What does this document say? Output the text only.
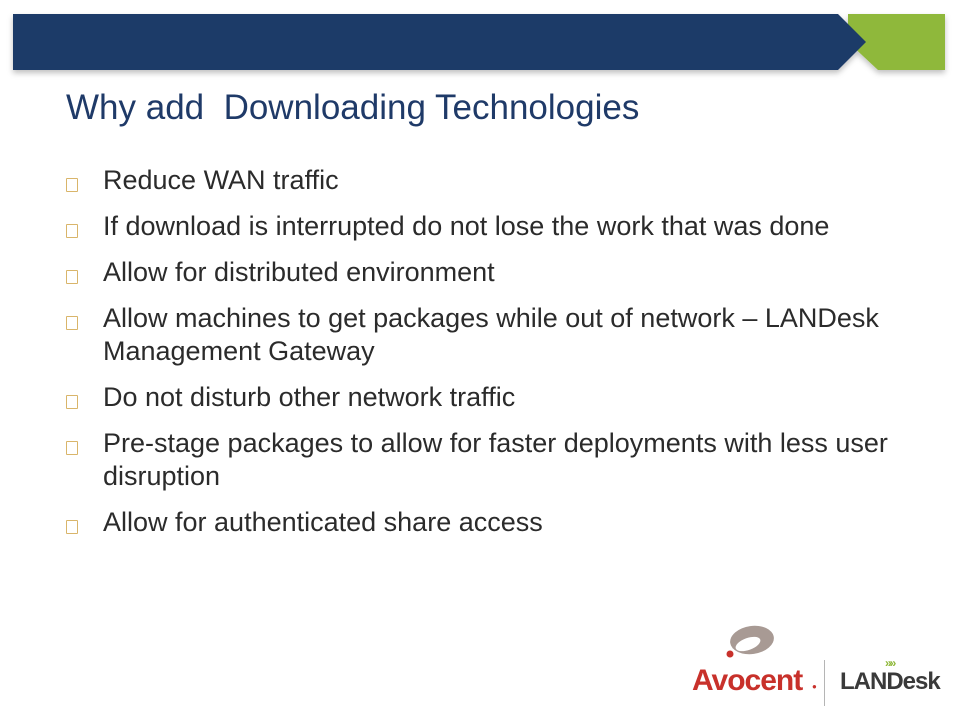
Why add  Downloading Technologies
Reduce WAN traffic
If download is interrupted do not lose the work that was done
Allow for distributed environment
Allow machines to get packages while out of network – LANDesk Management Gateway
Do not disturb other network traffic
Pre-stage packages to allow for faster deployments with less user disruption
Allow for authenticated share access
Avocent ●
»»
LANDesk
